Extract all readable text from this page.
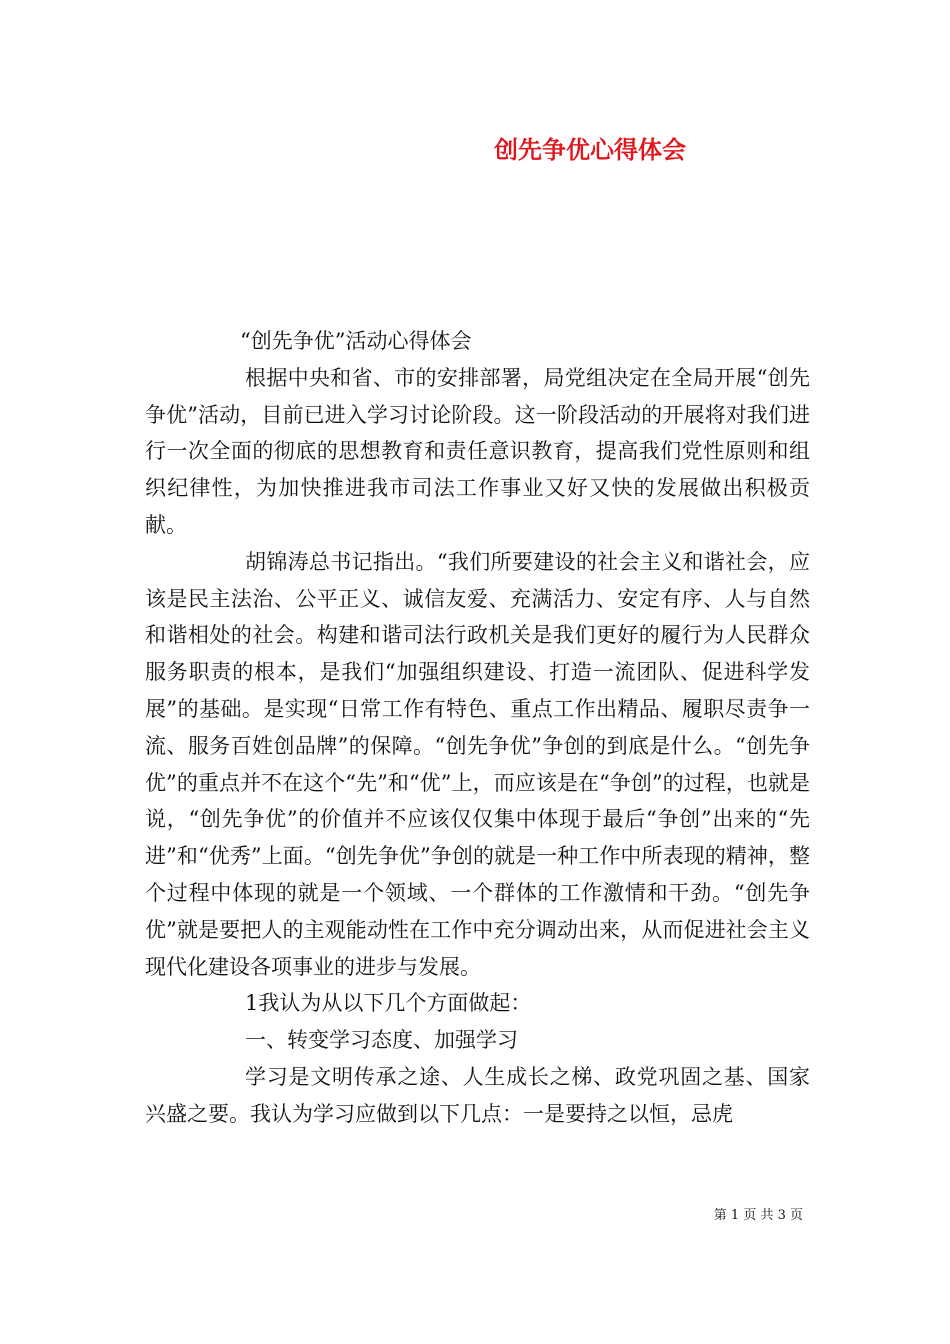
创先争优心得体会

“创先争优”活动心得体会

根据中央和省、市的安排部署，局党组决定在全局开展“创先争优”活动，目前已进入学习讨论阶段。这一阶段活动的开展将对我们进行一次全面的彻底的思想教育和责任意识教育，提高我们党性原则和组织纪律性，为加快推进我市司法工作事业又好又快的发展做出积极贡献。

胡锦涛总书记指出。“我们所要建设的社会主义和谐社会，应该是民主法治、公平正义、诚信友爱、充满活力、安定有序、人与自然和谐相处的社会。构建和谐司法行政机关是我们更好的履行为人民群众服务职责的根本，是我们“加强组织建设、打造一流团队、促进科学发展”的基础。是实现“日常工作有特色、重点工作出精品、履职尽责争一流、服务百姓创品牌”的保障。“创先争优”争创的到底是什么。“创先争优”的重点并不在这个“先”和“优”上，而应该是在“争创”的过程，也就是说，“创先争优”的价值并不应该仅仅集中体现于最后“争创”出来的“先进”和“优秀”上面。“创先争优”争创的就是一种工作中所表现的精神，整个过程中体现的就是一个领域、一个群体的工作激情和干劲。“创先争优”就是要把人的主观能动性在工作中充分调动出来，从而促进社会主义现代化建设各项事业的进步与发展。

1我认为从以下几个方面做起：

一、转变学习态度、加强学习

学习是文明传承之途、人生成长之梯、政党巩固之基、国家兴盛之要。我认为学习应做到以下几点：一是要持之以恒，忌虎

第 1 页 共 3 页
